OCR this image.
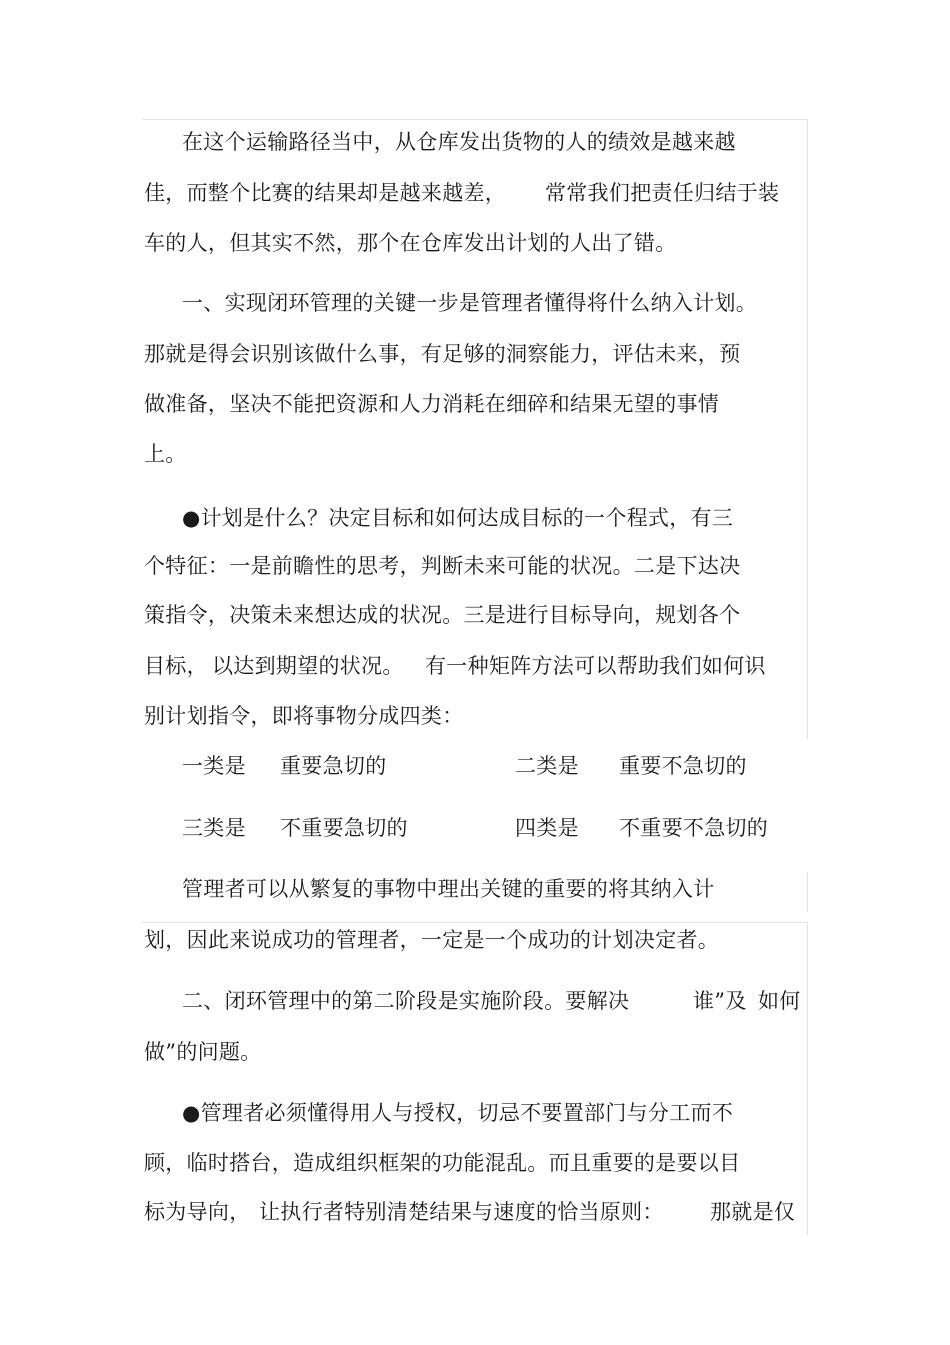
在这个运输路径当中，从仓库发出货物的人的绩效是越来越
佳，而整个比赛的结果却是越来越差， 常常我们把责任归结于装
车的人，但其实不然，那个在仓库发出计划的人出了错。
一、实现闭环管理的关键一步是管理者懂得将什么纳入计划。
那就是得会识别该做什么事，有足够的洞察能力，评估未来，预
做准备，坚决不能把资源和人力消耗在细碎和结果无望的事情
上。
●计划是什么？决定目标和如何达成目标的一个程式，有三
个特征：一是前瞻性的思考，判断未来可能的状况。二是下达决
策指令，决策未来想达成的状况。三是进行目标导向，规划各个
目标， 以达到期望的状况。 有一种矩阵方法可以帮助我们如何识
别计划指令，即将事物分成四类：
一类是 重要急切的	二类是 重要不急切的
三类是 不重要急切的	四类是 不重要不急切的
管理者可以从繁复的事物中理出关键的重要的将其纳入计
划，因此来说成功的管理者，一定是一个成功的计划决定者。
二、闭环管理中的第二阶段是实施阶段。要解决	谁”及 如何
做”的问题。
●管理者必须懂得用人与授权，切忌不要置部门与分工而不
顾，临时搭台，造成组织框架的功能混乱。而且重要的是要以目
标为导向， 让执行者特别清楚结果与速度的恰当原则： 那就是仅
